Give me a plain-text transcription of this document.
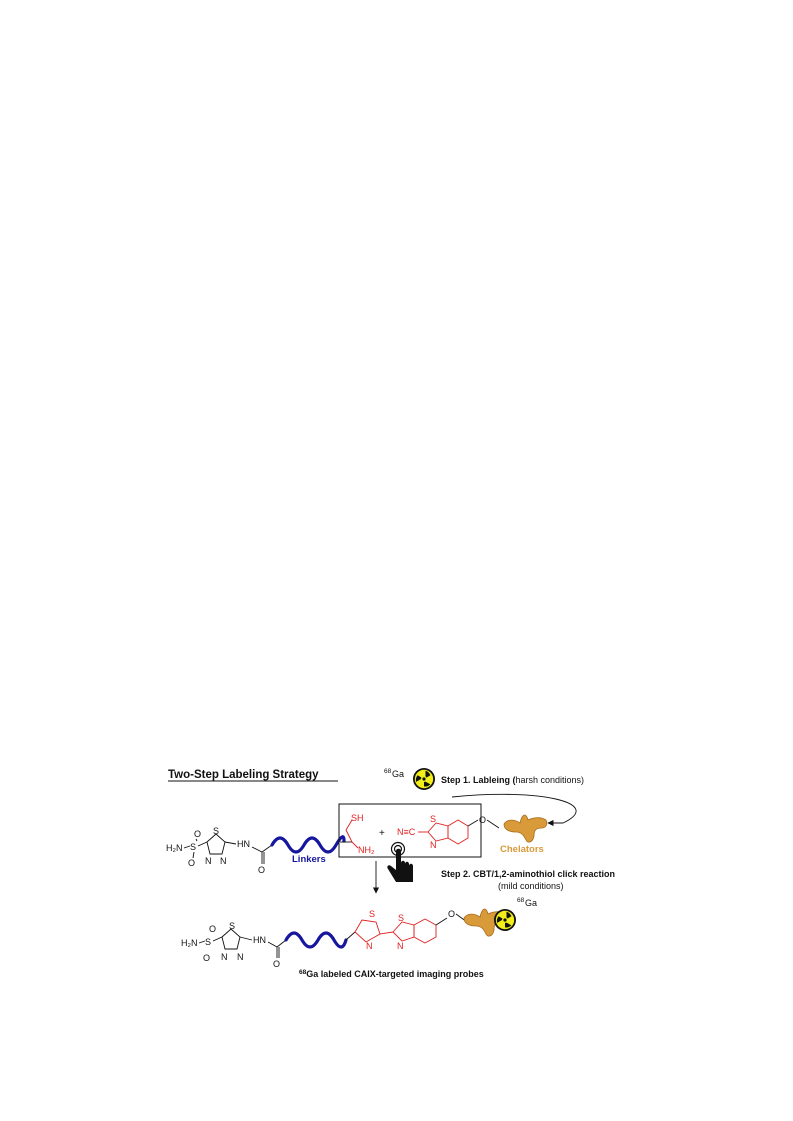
Two-Step Labeling Strategy	68 Ga
Step 1. Lableing (harsh conditions)
Chelators
H₂N S
O
O
S
N N
HN
O
Linkers
SH
NH₂
+ N≡C
S
N
O
Step 2. CBT/1,2-aminothiol click reaction
(mild conditions)
H₂N S
O
O
S
N N
HN
O
S
N
S
N
O
68 Ga
$^{68}$Ga labeled CAIX-targeted imaging probes
